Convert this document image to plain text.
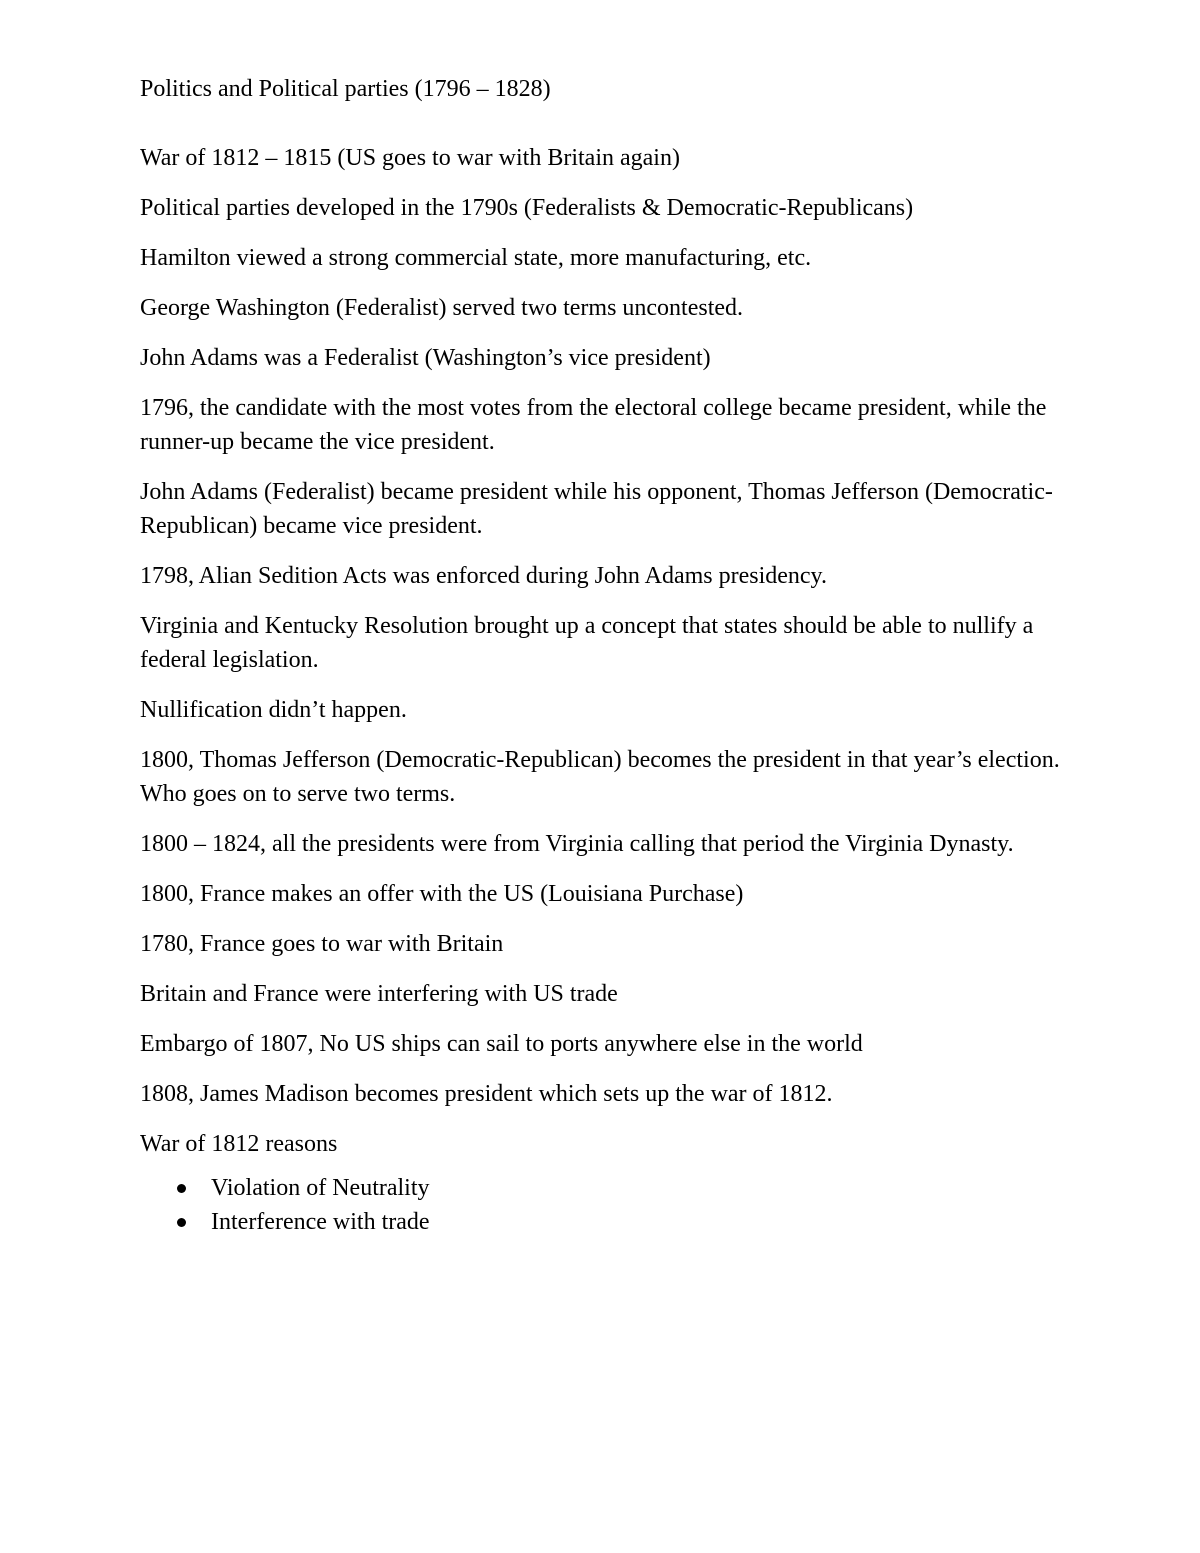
Politics and Political parties (1796 – 1828)

War of 1812 – 1815 (US goes to war with Britain again)

Political parties developed in the 1790s (Federalists & Democratic-Republicans)

Hamilton viewed a strong commercial state, more manufacturing, etc.

George Washington (Federalist) served two terms uncontested.

John Adams was a Federalist (Washington’s vice president)

1796, the candidate with the most votes from the electoral college became president, while the runner-up became the vice president.

John Adams (Federalist) became president while his opponent, Thomas Jefferson (Democratic-Republican) became vice president.

1798, Alian Sedition Acts was enforced during John Adams presidency.

Virginia and Kentucky Resolution brought up a concept that states should be able to nullify a federal legislation.

Nullification didn’t happen.

1800, Thomas Jefferson (Democratic-Republican) becomes the president in that year’s election. Who goes on to serve two terms.

1800 – 1824, all the presidents were from Virginia calling that period the Virginia Dynasty.

1800, France makes an offer with the US (Louisiana Purchase)

1780, France goes to war with Britain

Britain and France were interfering with US trade

Embargo of 1807, No US ships can sail to ports anywhere else in the world

1808, James Madison becomes president which sets up the war of 1812.

War of 1812 reasons

Violation of Neutrality
Interference with trade
